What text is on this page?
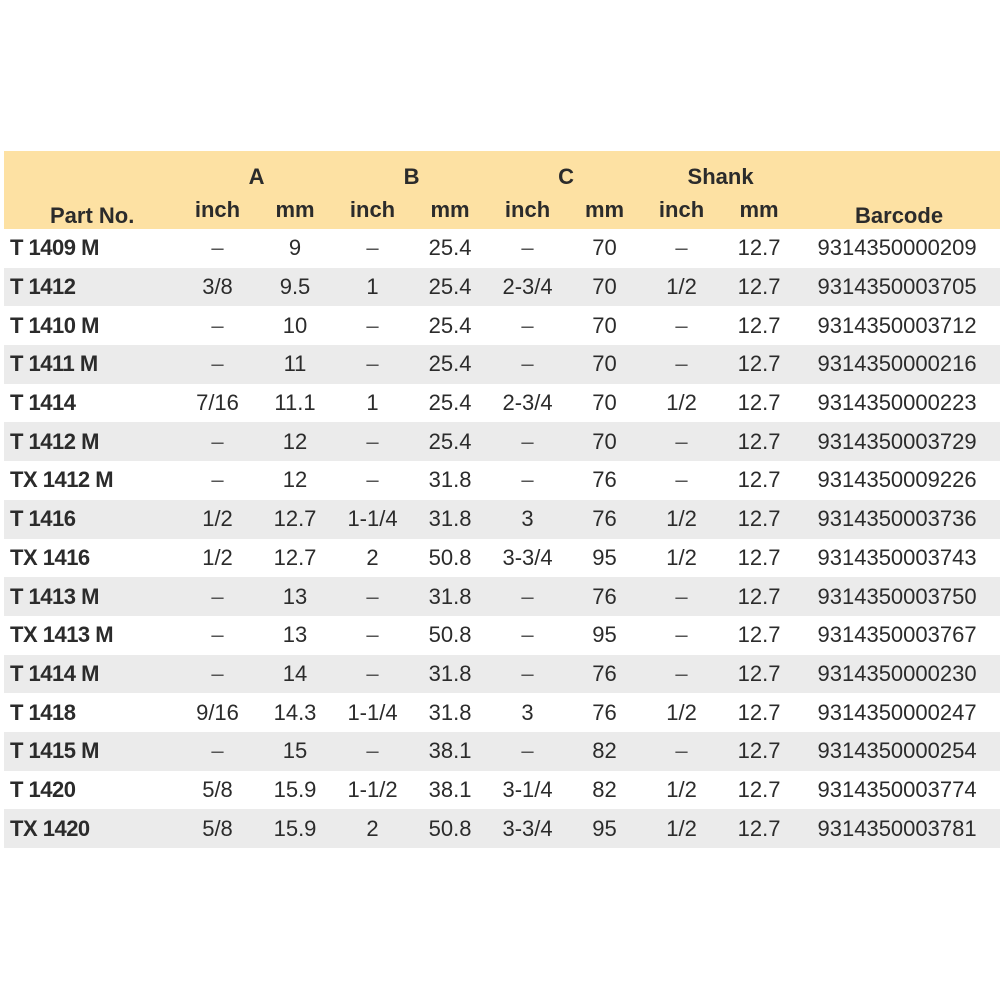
Part No.	A		B		C		Shank		Barcode
	inch	mm	inch	mm	inch	mm	inch	mm	
T 1409 M	–	9	–	25.4	–	70	–	12.7	9314350000209
T 1412	3/8	9.5	1	25.4	2-3/4	70	1/2	12.7	9314350003705
T 1410 M	–	10	–	25.4	–	70	–	12.7	9314350003712
T 1411 M	–	11	–	25.4	–	70	–	12.7	9314350000216
T 1414	7/16	11.1	1	25.4	2-3/4	70	1/2	12.7	9314350000223
T 1412 M	–	12	–	25.4	–	70	–	12.7	9314350003729
TX 1412 M	–	12	–	31.8	–	76	–	12.7	9314350009226
T 1416	1/2	12.7	1-1/4	31.8	3	76	1/2	12.7	9314350003736
TX 1416	1/2	12.7	2	50.8	3-3/4	95	1/2	12.7	9314350003743
T 1413 M	–	13	–	31.8	–	76	–	12.7	9314350003750
TX 1413 M	–	13	–	50.8	–	95	–	12.7	9314350003767
T 1414 M	–	14	–	31.8	–	76	–	12.7	9314350000230
T 1418	9/16	14.3	1-1/4	31.8	3	76	1/2	12.7	9314350000247
T 1415 M	–	15	–	38.1	–	82	–	12.7	9314350000254
T 1420	5/8	15.9	1-1/2	38.1	3-1/4	82	1/2	12.7	9314350003774
TX 1420	5/8	15.9	2	50.8	3-3/4	95	1/2	12.7	9314350003781
